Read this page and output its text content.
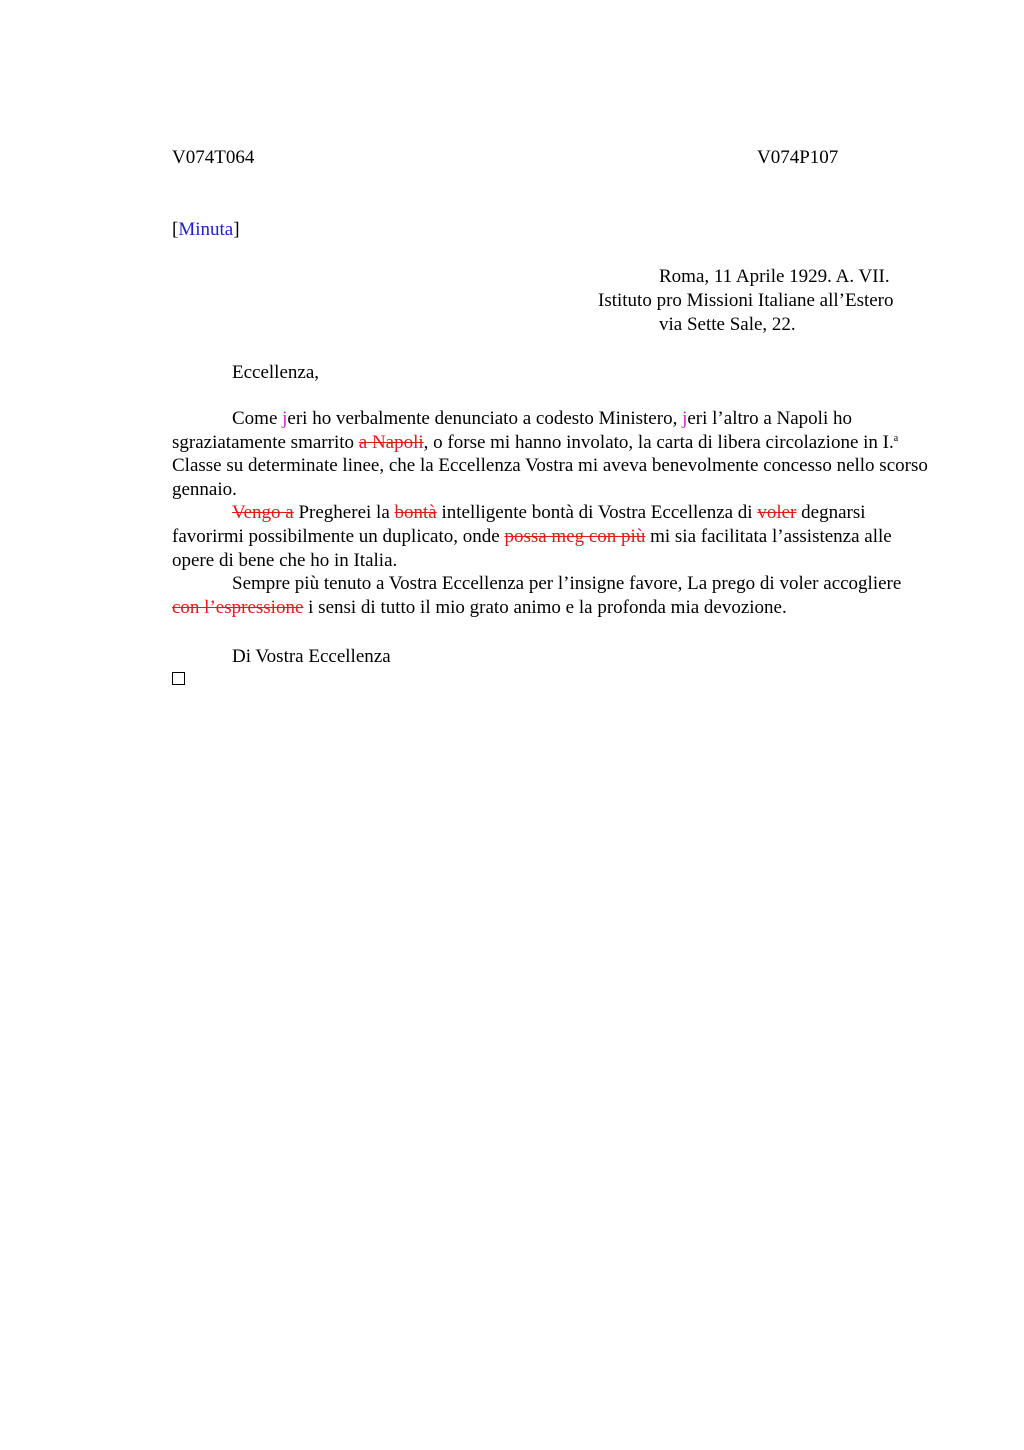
V074T064	V074P107
[Minuta]
Roma, 11 Aprile 1929. A. VII.
Istituto pro Missioni Italiane all’Estero
via Sette Sale, 22.
Eccellenza,

Come jeri ho verbalmente denunciato a codesto Ministero, jeri l’altro a Napoli ho sgraziatamente smarrito a Napoli, o forse mi hanno involato, la carta di libera circolazione in I.$^a$ Classe su determinate linee, che la Eccellenza Vostra mi aveva benevolmente concesso nello scorso gennaio.

Vengo a Pregherei la bontà intelligente bontà di Vostra Eccellenza di voler degnarsi favorirmi possibilmente un duplicato, onde possa meg con più mi sia facilitata l’assistenza alle opere di bene che ho in Italia.

Sempre più tenuto a Vostra Eccellenza per l’insigne favore, La prego di voler accogliere con l’espressione i sensi di tutto il mio grato animo e la profonda mia devozione.

Di Vostra Eccellenza
